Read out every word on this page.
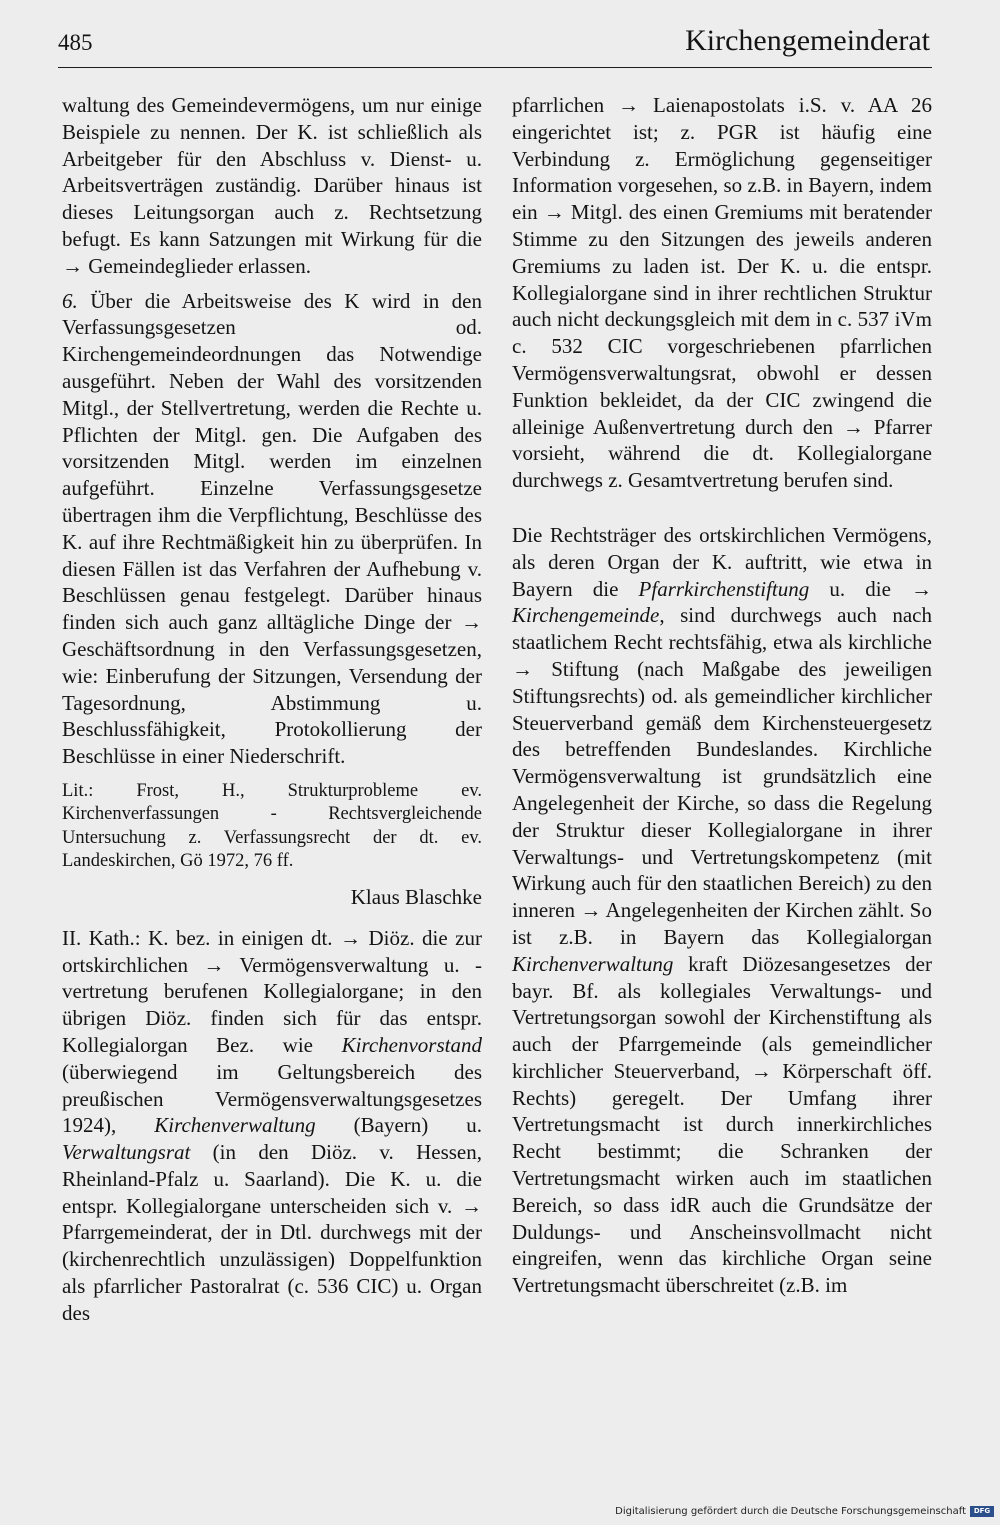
485	Kirchengemeinderat

waltung des Gemeindevermögens, um nur einige Beispiele zu nennen. Der K. ist schließlich als Arbeitgeber für den Abschluss v. Dienst- u. Arbeitsverträgen zuständig. Darüber hinaus ist dieses Leitungsorgan auch z. Rechtsetzung befugt. Es kann Satzungen mit Wirkung für die → Gemeindeglieder erlassen.

6. Über die Arbeitsweise des K wird in den Verfassungsgesetzen od. Kirchengemeindeordnungen das Notwendige ausgeführt. Neben der Wahl des vorsitzenden Mitgl., der Stellvertretung, werden die Rechte u. Pflichten der Mitgl. gen. Die Aufgaben des vorsitzenden Mitgl. werden im einzelnen aufgeführt. Einzelne Verfassungsgesetze übertragen ihm die Verpflichtung, Beschlüsse des K. auf ihre Rechtmäßigkeit hin zu überprüfen. In diesen Fällen ist das Verfahren der Aufhebung v. Beschlüssen genau festgelegt. Darüber hinaus finden sich auch ganz alltägliche Dinge der → Geschäftsordnung in den Verfassungsgesetzen, wie: Einberufung der Sitzungen, Versendung der Tagesordnung, Abstimmung u. Beschlussfähigkeit, Protokollierung der Beschlüsse in einer Niederschrift.

Lit.: Frost, H., Strukturprobleme ev. Kirchenverfassungen - Rechtsvergleichende Untersuchung z. Verfassungsrecht der dt. ev. Landeskirchen, Gö 1972, 76 ff.

Klaus Blaschke

II. Kath.: K. bez. in einigen dt. → Diöz. die zur ortskirchlichen → Vermögensverwaltung u. -vertretung berufenen Kollegialorgane; in den übrigen Diöz. finden sich für das entspr. Kollegialorgan Bez. wie Kirchenvorstand (überwiegend im Geltungsbereich des preußischen Vermögensverwaltungsgesetzes 1924), Kirchenverwaltung (Bayern) u. Verwaltungsrat (in den Diöz. v. Hessen, Rheinland-Pfalz u. Saarland). Die K. u. die entspr. Kollegialorgane unterscheiden sich v. → Pfarrgemeinderat, der in Dtl. durchwegs mit der (kirchenrechtlich unzulässigen) Doppelfunktion als pfarrlicher Pastoralrat (c. 536 CIC) u. Organ des

pfarrlichen → Laienapostolats i.S. v. AA 26 eingerichtet ist; z. PGR ist häufig eine Verbindung z. Ermöglichung gegenseitiger Information vorgesehen, so z.B. in Bayern, indem ein → Mitgl. des einen Gremiums mit beratender Stimme zu den Sitzungen des jeweils anderen Gremiums zu laden ist. Der K. u. die entspr. Kollegialorgane sind in ihrer rechtlichen Struktur auch nicht deckungsgleich mit dem in c. 537 iVm c. 532 CIC vorgeschriebenen pfarrlichen Vermögensverwaltungsrat, obwohl er dessen Funktion bekleidet, da der CIC zwingend die alleinige Außenvertretung durch den → Pfarrer vorsieht, während die dt. Kollegialorgane durchwegs z. Gesamtvertretung berufen sind.

Die Rechtsträger des ortskirchlichen Vermögens, als deren Organ der K. auftritt, wie etwa in Bayern die Pfarrkirchenstiftung u. die → Kirchengemeinde, sind durchwegs auch nach staatlichem Recht rechtsfähig, etwa als kirchliche → Stiftung (nach Maßgabe des jeweiligen Stiftungsrechts) od. als gemeindlicher kirchlicher Steuerverband gemäß dem Kirchensteuergesetz des betreffenden Bundeslandes. Kirchliche Vermögensverwaltung ist grundsätzlich eine Angelegenheit der Kirche, so dass die Regelung der Struktur dieser Kollegialorgane in ihrer Verwaltungs- und Vertretungskompetenz (mit Wirkung auch für den staatlichen Bereich) zu den inneren → Angelegenheiten der Kirchen zählt. So ist z.B. in Bayern das Kollegialorgan Kirchenverwaltung kraft Diözesangesetzes der bayr. Bf. als kollegiales Verwaltungs- und Vertretungsorgan sowohl der Kirchenstiftung als auch der Pfarrgemeinde (als gemeindlicher kirchlicher Steuerverband, → Körperschaft öff. Rechts) geregelt. Der Umfang ihrer Vertretungsmacht ist durch innerkirchliches Recht bestimmt; die Schranken der Vertretungsmacht wirken auch im staatlichen Bereich, so dass idR auch die Grundsätze der Duldungs- und Anscheinsvollmacht nicht eingreifen, wenn das kirchliche Organ seine Vertretungsmacht überschreitet (z.B. im

Digitalisierung gefördert durch die Deutsche Forschungsgemeinschaft	DFG
